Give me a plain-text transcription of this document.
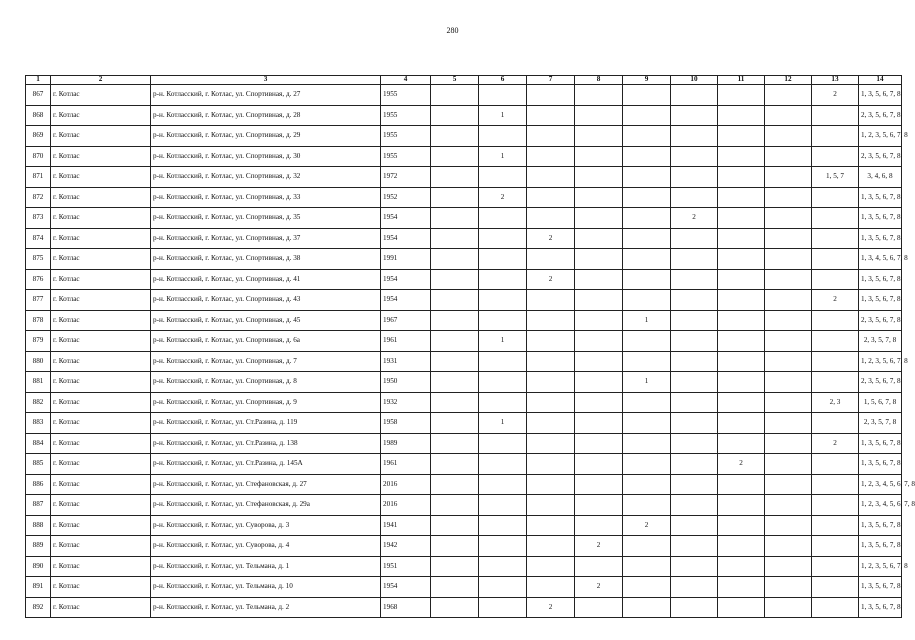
280
1	2	3	4	5	6	7	8	9	10	11	12	13	14
867	г. Котлас	р-н. Котласский, г. Котлас, ул. Спортивная, д. 27	1955									2	1, 3, 5, 6, 7, 8
868	г. Котлас	р-н. Котласский, г. Котлас, ул. Спортивная, д. 28	1955		1								2, 3, 5, 6, 7, 8
869	г. Котлас	р-н. Котласский, г. Котлас, ул. Спортивная, д. 29	1955										1, 2, 3, 5, 6, 7, 8
870	г. Котлас	р-н. Котласский, г. Котлас, ул. Спортивная, д. 30	1955		1								2, 3, 5, 6, 7, 8
871	г. Котлас	р-н. Котласский, г. Котлас, ул. Спортивная, д. 32	1972									1, 5, 7	3, 4, 6, 8
872	г. Котлас	р-н. Котласский, г. Котлас, ул. Спортивная, д. 33	1952		2								1, 3, 5, 6, 7, 8
873	г. Котлас	р-н. Котласский, г. Котлас, ул. Спортивная, д. 35	1954						2				1, 3, 5, 6, 7, 8
874	г. Котлас	р-н. Котласский, г. Котлас, ул. Спортивная, д. 37	1954			2							1, 3, 5, 6, 7, 8
875	г. Котлас	р-н. Котласский, г. Котлас, ул. Спортивная, д. 38	1991										1, 3, 4, 5, 6, 7, 8
876	г. Котлас	р-н. Котласский, г. Котлас, ул. Спортивная, д. 41	1954			2							1, 3, 5, 6, 7, 8
877	г. Котлас	р-н. Котласский, г. Котлас, ул. Спортивная, д. 43	1954									2	1, 3, 5, 6, 7, 8
878	г. Котлас	р-н. Котласский, г. Котлас, ул. Спортивная, д. 45	1967					1					2, 3, 5, 6, 7, 8
879	г. Котлас	р-н. Котласский, г. Котлас, ул. Спортивная, д. 6а	1961		1								2, 3, 5, 7, 8
880	г. Котлас	р-н. Котласский, г. Котлас, ул. Спортивная, д. 7	1931										1, 2, 3, 5, 6, 7, 8
881	г. Котлас	р-н. Котласский, г. Котлас, ул. Спортивная, д. 8	1950					1					2, 3, 5, 6, 7, 8
882	г. Котлас	р-н. Котласский, г. Котлас, ул. Спортивная, д. 9	1932									2, 3	1, 5, 6, 7, 8
883	г. Котлас	р-н. Котласский, г. Котлас, ул. Ст.Разина, д. 119	1958		1								2, 3, 5, 7, 8
884	г. Котлас	р-н. Котласский, г. Котлас, ул. Ст.Разина, д. 138	1989									2	1, 3, 5, 6, 7, 8
885	г. Котлас	р-н. Котласский, г. Котлас, ул. Ст.Разина, д. 145А	1961							2			1, 3, 5, 6, 7, 8
886	г. Котлас	р-н. Котласский, г. Котлас, ул. Стефановская, д. 27	2016										1, 2, 3, 4, 5, 6, 7, 8
887	г. Котлас	р-н. Котласский, г. Котлас, ул. Стефановская, д. 29а	2016										1, 2, 3, 4, 5, 6, 7, 8
888	г. Котлас	р-н. Котласский, г. Котлас, ул. Суворова, д. 3	1941					2					1, 3, 5, 6, 7, 8
889	г. Котлас	р-н. Котласский, г. Котлас, ул. Суворова, д. 4	1942				2						1, 3, 5, 6, 7, 8
890	г. Котлас	р-н. Котласский, г. Котлас, ул. Тельмана, д. 1	1951										1, 2, 3, 5, 6, 7, 8
891	г. Котлас	р-н. Котласский, г. Котлас, ул. Тельмана, д. 10	1954				2						1, 3, 5, 6, 7, 8
892	г. Котлас	р-н. Котласский, г. Котлас, ул. Тельмана, д. 2	1968			2							1, 3, 5, 6, 7, 8
